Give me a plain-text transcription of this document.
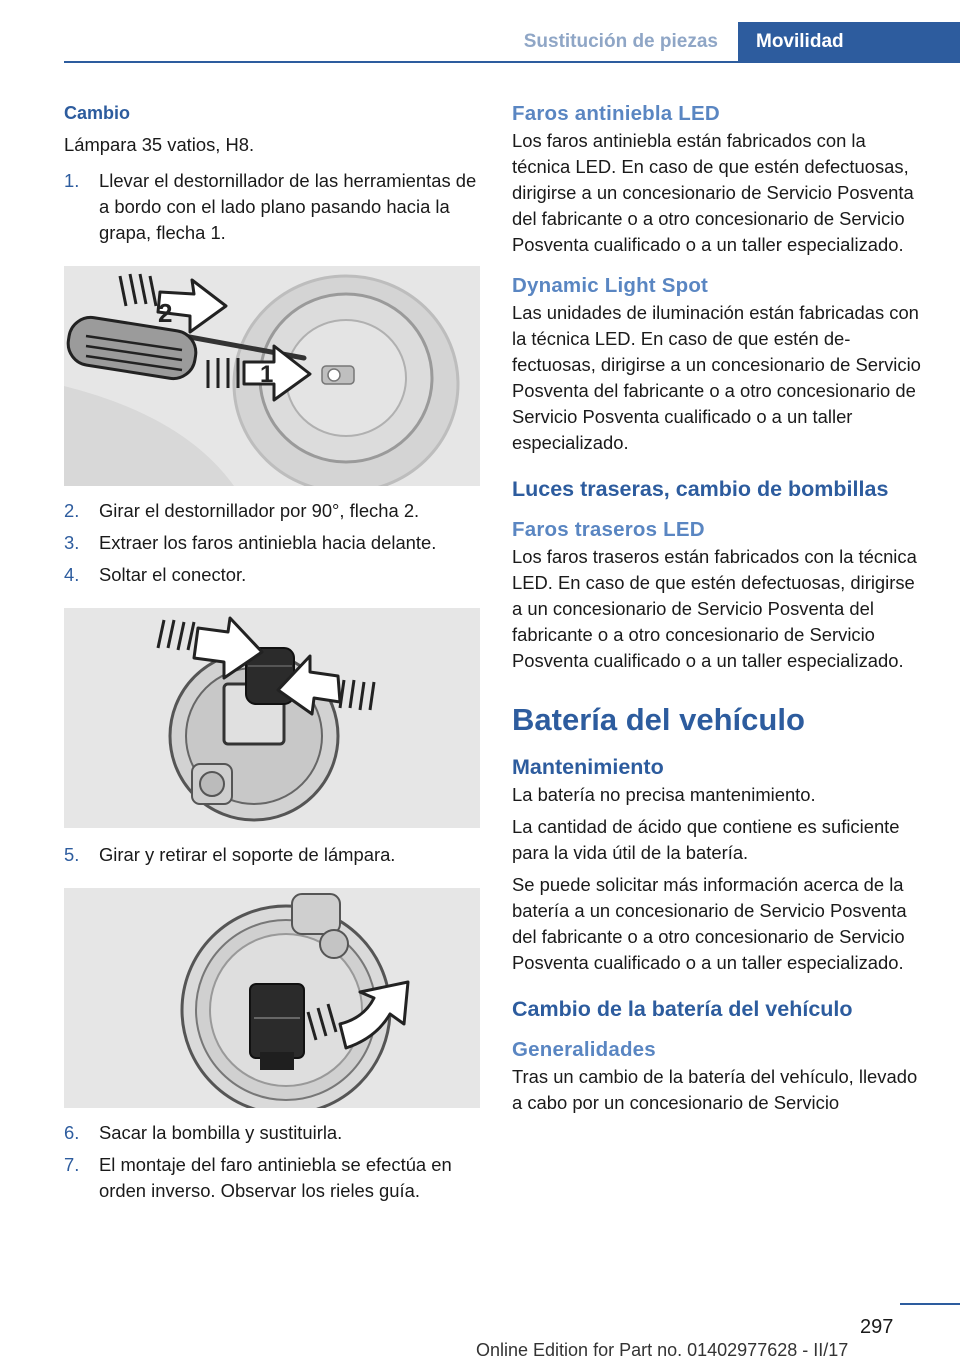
Sustitución de piezas	Movilidad
Cambio

Lámpara 35 vatios, H8.

1. Llevar el destornillador de las herramientas de a bordo con el lado plano pasando hacia la grapa, flecha 1.
2
1
2. Girar el destornillador por 90°, flecha 2.
3. Extraer los faros antiniebla hacia delante.
4. Soltar el conector.
5. Girar y retirar el soporte de lámpara.
6. Sacar la bombilla y sustituirla.
7. El montaje del faro antiniebla se efectúa en orden inverso. Observar los rieles guía.
Faros antiniebla LED

Los faros antiniebla están fabricados con la técnica LED. En caso de que estén defectuosas, dirigirse a un concesionario de Servicio Posventa del fabricante o a otro concesionario de Servicio Posventa cualificado o a un taller especializado.

Dynamic Light Spot

Las unidades de iluminación están fabricadas con la técnica LED. En caso de que estén defectuosas, dirigirse a un concesionario de Servicio Posventa del fabricante o a otro concesionario de Servicio Posventa cualificado o a un taller especializado.

Luces traseras, cambio de bombillas
Faros traseros LED

Los faros traseros están fabricados con la técnica LED. En caso de que estén defectuosas, dirigirse a un concesionario de Servicio Posventa del fabricante o a otro concesionario de Servicio Posventa cualificado o a un taller especializado.

Batería del vehículo
Mantenimiento

La batería no precisa mantenimiento.

La cantidad de ácido que contiene es suficiente para la vida útil de la batería.

Se puede solicitar más información acerca de la batería a un concesionario de Servicio Posventa del fabricante o a otro concesionario de Servicio Posventa cualificado o a un taller especializado.

Cambio de la batería del vehículo
Generalidades

Tras un cambio de la batería del vehículo, llevado a cabo por un concesionario de Servicio

297
Online Edition for Part no. 01402977628 - II/17
